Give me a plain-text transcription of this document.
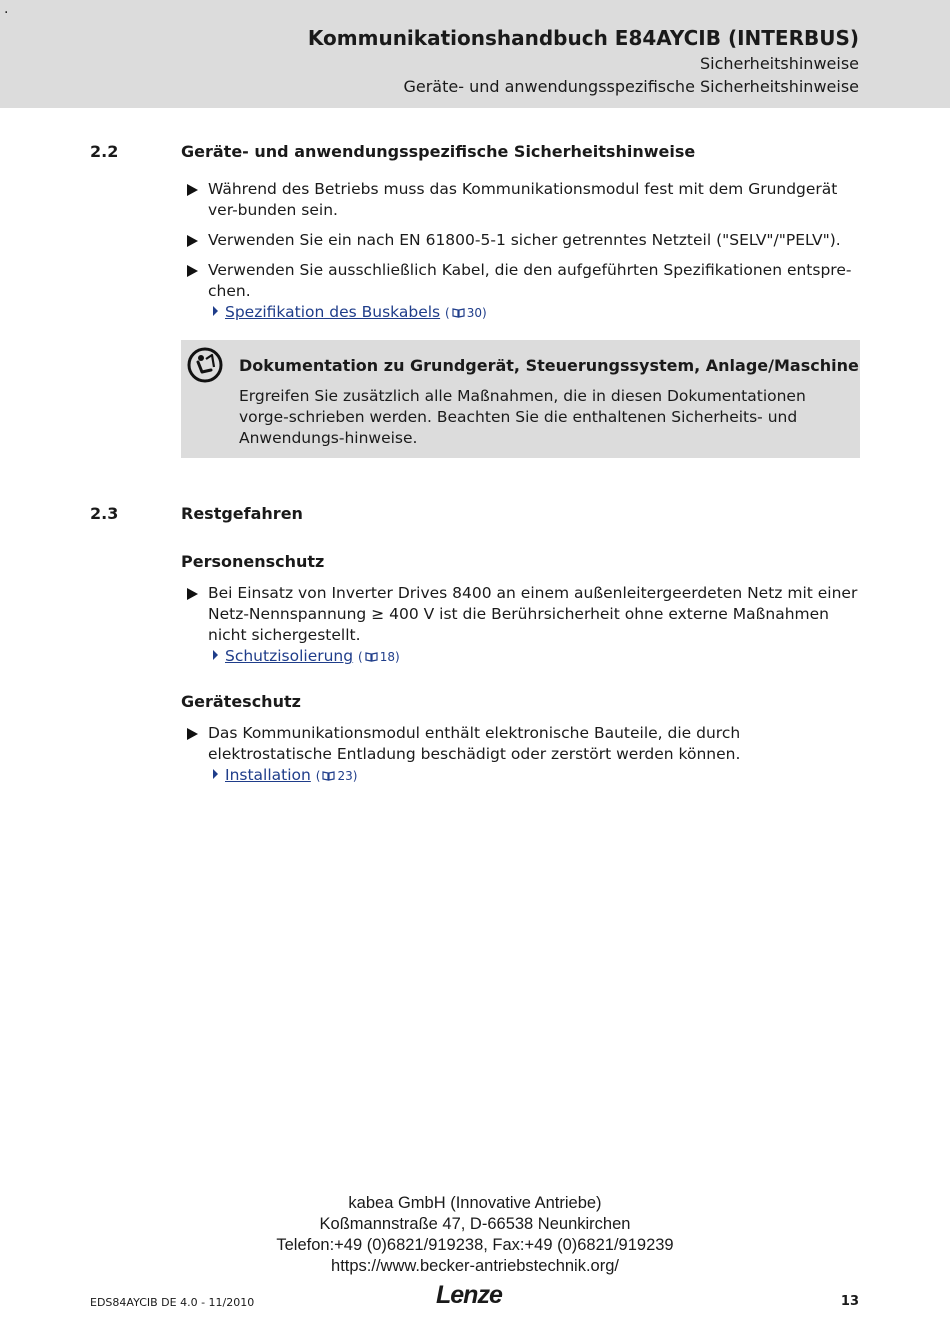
.
Kommunikationshandbuch E84AYCIB (INTERBUS)
Sicherheitshinweise
Geräte- und anwendungsspezifische Sicherheitshinweise
2.2	Geräte- und anwendungsspezifische Sicherheitshinweise
Während des Betriebs muss das Kommunikationsmodul fest mit dem Grundgerät ver-bunden sein.
Verwenden Sie ein nach EN 61800-5-1 sicher getrenntes Netzteil ("SELV"/"PELV").
Verwenden Sie ausschließlich Kabel, die den aufgeführten Spezifikationen entspre-chen.
Spezifikation des Buskabels ( 30)
Dokumentation zu Grundgerät, Steuerungssystem, Anlage/Maschine
Ergreifen Sie zusätzlich alle Maßnahmen, die in diesen Dokumentationen vorge-schrieben werden. Beachten Sie die enthaltenen Sicherheits- und Anwendungs-hinweise.
2.3	Restgefahren
Personenschutz
Bei Einsatz von Inverter Drives 8400 an einem außenleitergeerdeten Netz mit einer Netz-Nennspannung ≥ 400 V ist die Berührsicherheit ohne externe Maßnahmen nicht sichergestellt.
Schutzisolierung ( 18)
Geräteschutz
Das Kommunikationsmodul enthält elektronische Bauteile, die durch elektrostatische Entladung beschädigt oder zerstört werden können.
Installation ( 23)
kabea GmbH (Innovative Antriebe)
Koßmannstraße 47, D-66538 Neunkirchen
Telefon:+49 (0)6821/919238, Fax:+49 (0)6821/919239
https://www.becker-antriebstechnik.org/
EDS84AYCIB DE 4.0 - 11/2010	Lenze	13
